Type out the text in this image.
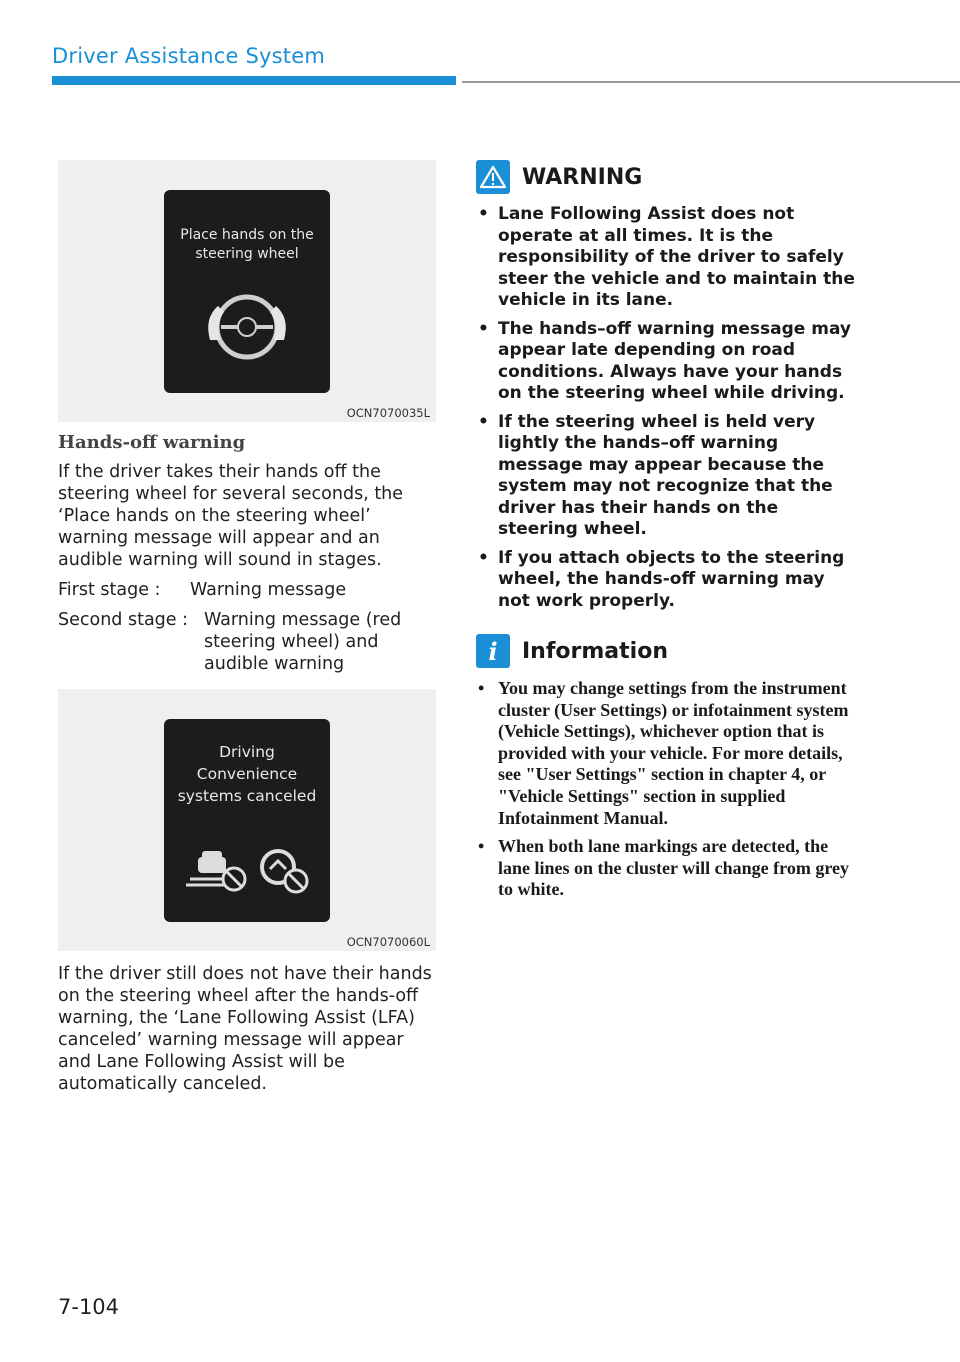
Driver Assistance System
Place hands on the
steering wheel
OCN7070035L
Hands-off warning
If the driver takes their hands off the steering wheel for several seconds, the ‘Place hands on the steering wheel’ warning message will appear and an audible warning will sound in stages.
First stage :	Warning message
Second stage : Warning message (red steering wheel) and audible warning
Driving
Convenience
systems canceled
OCN7070060L
If the driver still does not have their hands on the steering wheel after the hands-off warning, the ‘Lane Following Assist (LFA) canceled’ warning message will appear and Lane Following Assist will be automatically canceled.
WARNING
• Lane Following Assist does not operate at all times. It is the responsibility of the driver to safely steer the vehicle and to maintain the vehicle in its lane.
• The hands–off warning message may appear late depending on road conditions. Always have your hands on the steering wheel while driving.
• If the steering wheel is held very lightly the hands–off warning message may appear because the system may not recognize that the driver has their hands on the steering wheel.
• If you attach objects to the steering wheel, the hands-off warning may not work properly.
i	Information
• You may change settings from the instrument cluster (User Settings) or infotainment system (Vehicle Settings), whichever option that is provided with your vehicle. For more details, see "User Settings" section in chapter 4, or "Vehicle Settings" section in supplied Infotainment Manual.
• When both lane markings are detected, the lane lines on the cluster will change from grey to white.
7-104
